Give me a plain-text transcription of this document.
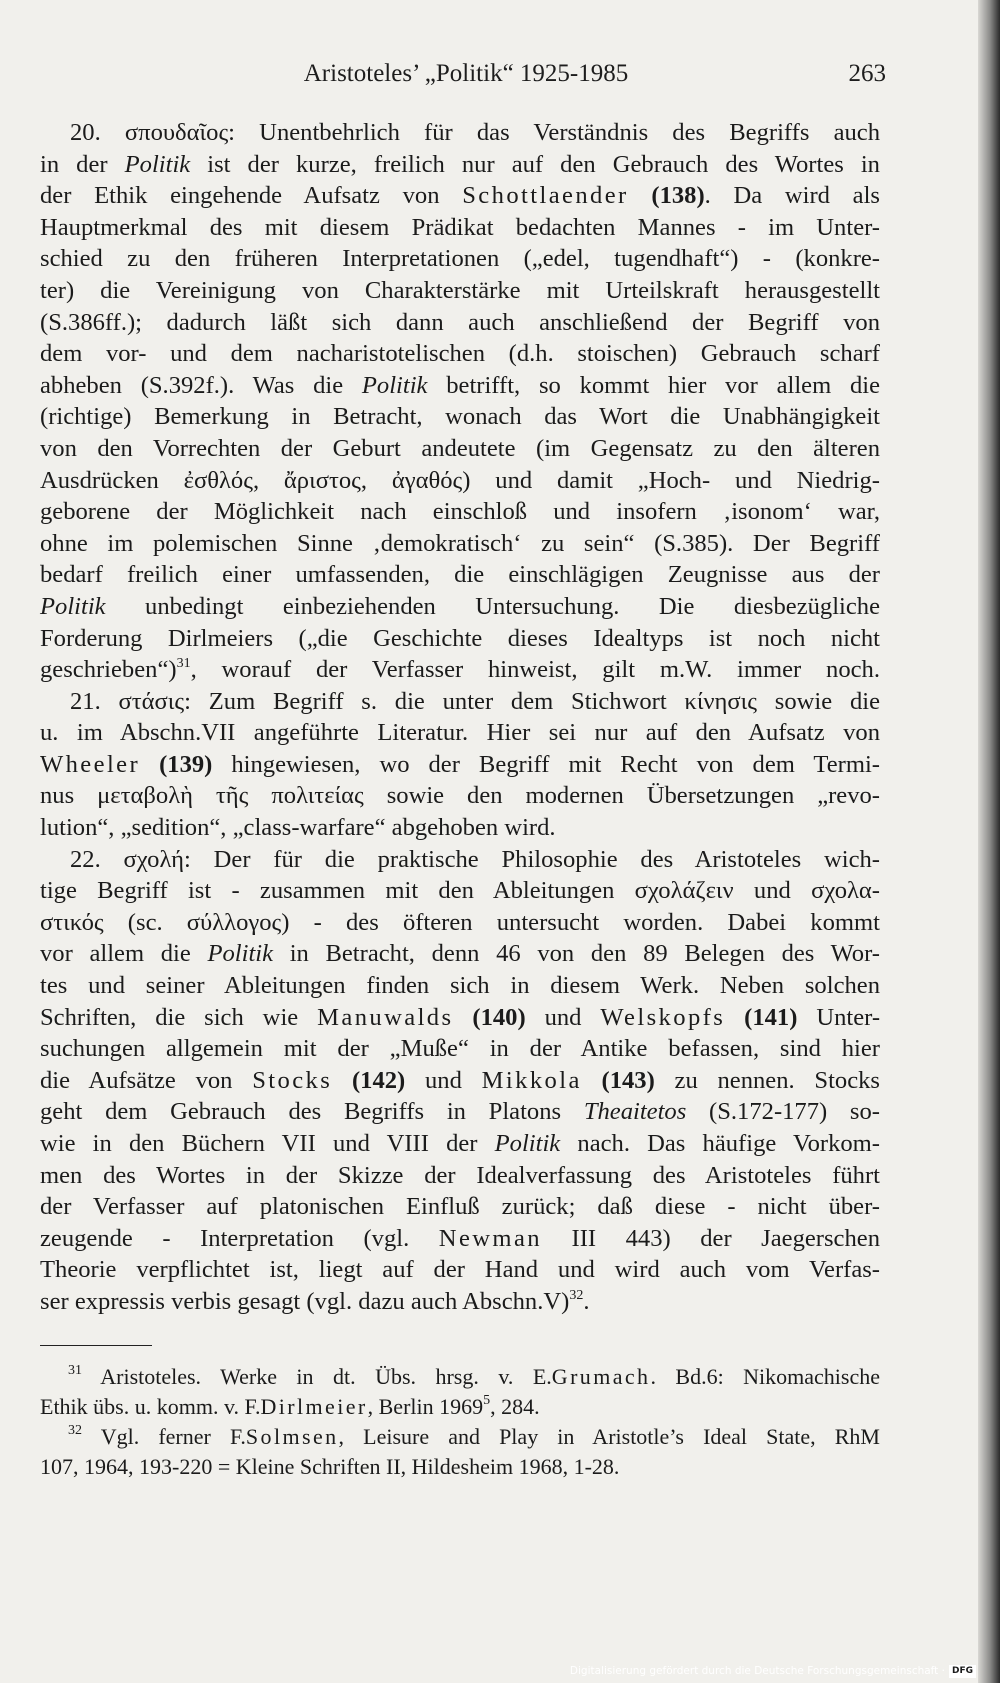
Aristoteles’ „Politik“ 1925-1985	263
20. σπουδαῖος: Unentbehrlich für das Verständnis des Begriffs auch
in der Politik ist der kurze, freilich nur auf den Gebrauch des Wortes in
der Ethik eingehende Aufsatz von Schottlaender (138). Da wird als
Hauptmerkmal des mit diesem Prädikat bedachten Mannes - im Unter-
schied zu den früheren Interpretationen („edel, tugendhaft“) - (konkre-
ter) die Vereinigung von Charakterstärke mit Urteilskraft herausgestellt
(S.386ff.); dadurch läßt sich dann auch anschließend der Begriff von
dem vor- und dem nacharistotelischen (d.h. stoischen) Gebrauch scharf
abheben (S.392f.). Was die Politik betrifft, so kommt hier vor allem die
(richtige) Bemerkung in Betracht, wonach das Wort die Unabhängigkeit
von den Vorrechten der Geburt andeutete (im Gegensatz zu den älteren
Ausdrücken ἐσθλός, ἄριστος, ἀγαθός) und damit „Hoch- und Niedrig-
geborene der Möglichkeit nach einschloß und insofern ‚isonom‘ war,
ohne im polemischen Sinne ‚demokratisch‘ zu sein“ (S.385). Der Begriff
bedarf freilich einer umfassenden, die einschlägigen Zeugnisse aus der
Politik unbedingt einbeziehenden Untersuchung. Die diesbezügliche
Forderung Dirlmeiers („die Geschichte dieses Idealtyps ist noch nicht
geschrieben“)$^{31}$, worauf der Verfasser hinweist, gilt m.W. immer noch.
21. στάσις: Zum Begriff s. die unter dem Stichwort κίνησις sowie die
u. im Abschn.VII angeführte Literatur. Hier sei nur auf den Aufsatz von
Wheeler (139) hingewiesen, wo der Begriff mit Recht von dem Termi-
nus μεταβολὴ τῆς πολιτείας sowie den modernen Übersetzungen „revo-
lution“, „sedition“, „class-warfare“ abgehoben wird.
22. σχολή: Der für die praktische Philosophie des Aristoteles wich-
tige Begriff ist - zusammen mit den Ableitungen σχολάζειν und σχολα-
στικός (sc. σύλλογος) - des öfteren untersucht worden. Dabei kommt
vor allem die Politik in Betracht, denn 46 von den 89 Belegen des Wor-
tes und seiner Ableitungen finden sich in diesem Werk. Neben solchen
Schriften, die sich wie Manuwalds (140) und Welskopfs (141) Unter-
suchungen allgemein mit der „Muße“ in der Antike befassen, sind hier
die Aufsätze von Stocks (142) und Mikkola (143) zu nennen. Stocks
geht dem Gebrauch des Begriffs in Platons Theaitetos (S.172-177) so-
wie in den Büchern VII und VIII der Politik nach. Das häufige Vorkom-
men des Wortes in der Skizze der Idealverfassung des Aristoteles führt
der Verfasser auf platonischen Einfluß zurück; daß diese - nicht über-
zeugende - Interpretation (vgl. Newman III 443) der Jaegerschen
Theorie verpflichtet ist, liegt auf der Hand und wird auch vom Verfas-
ser expressis verbis gesagt (vgl. dazu auch Abschn.V)$^{32}$.
$^{31}$ Aristoteles. Werke in dt. Übs. hrsg. v. E.Grumach. Bd.6: Nikomachische
Ethik übs. u. komm. v. F.Dirlmeier, Berlin 1969$^5$, 284.
$^{32}$ Vgl. ferner F.Solmsen, Leisure and Play in Aristotle’s Ideal State, RhM
107, 1964, 193-220 = Kleine Schriften II, Hildesheim 1968, 1-28.
Digitalisierung gefördert durch die Deutsche Forschungsgemeinschaft · DFG
